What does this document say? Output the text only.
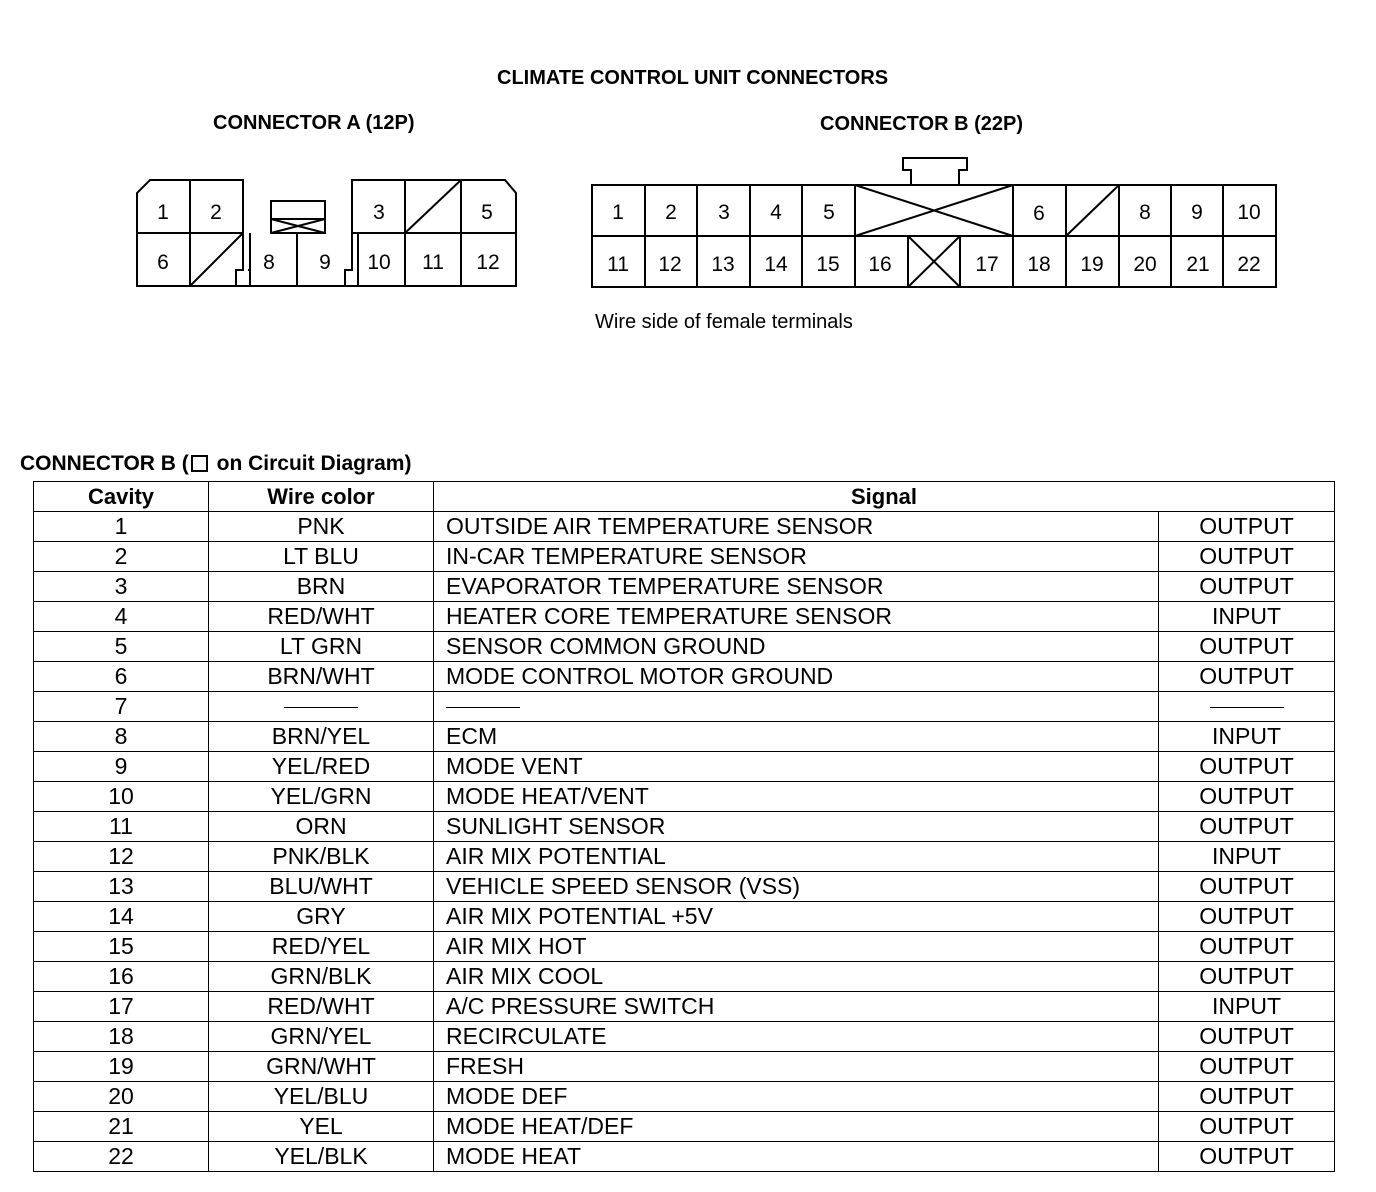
CLIMATE CONTROL UNIT CONNECTORS
CONNECTOR A (12P)	CONNECTOR B (22P)
1 2	3	5
6	8 9 10 11 12
1 2 3 4 5	6	8 9 10
11 12 13 14 15 16	17 18 19 20 21 22
Wire side of female terminals
CONNECTOR B ( on Circuit Diagram)
Cavity	Wire color	Signal	
1	PNK	OUTSIDE AIR TEMPERATURE SENSOR	OUTPUT
2	LT BLU	IN-CAR TEMPERATURE SENSOR	OUTPUT
3	BRN	EVAPORATOR TEMPERATURE SENSOR	OUTPUT
4	RED/WHT	HEATER CORE TEMPERATURE SENSOR	INPUT
5	LT GRN	SENSOR COMMON GROUND	OUTPUT
6	BRN/WHT	MODE CONTROL MOTOR GROUND	OUTPUT
7			
8	BRN/YEL	ECM	INPUT
9	YEL/RED	MODE VENT	OUTPUT
10	YEL/GRN	MODE HEAT/VENT	OUTPUT
11	ORN	SUNLIGHT SENSOR	OUTPUT
12	PNK/BLK	AIR MIX POTENTIAL	INPUT
13	BLU/WHT	VEHICLE SPEED SENSOR (VSS)	OUTPUT
14	GRY	AIR MIX POTENTIAL +5V	OUTPUT
15	RED/YEL	AIR MIX HOT	OUTPUT
16	GRN/BLK	AIR MIX COOL	OUTPUT
17	RED/WHT	A/C PRESSURE SWITCH	INPUT
18	GRN/YEL	RECIRCULATE	OUTPUT
19	GRN/WHT	FRESH	OUTPUT
20	YEL/BLU	MODE DEF	OUTPUT
21	YEL	MODE HEAT/DEF	OUTPUT
22	YEL/BLK	MODE HEAT	OUTPUT
